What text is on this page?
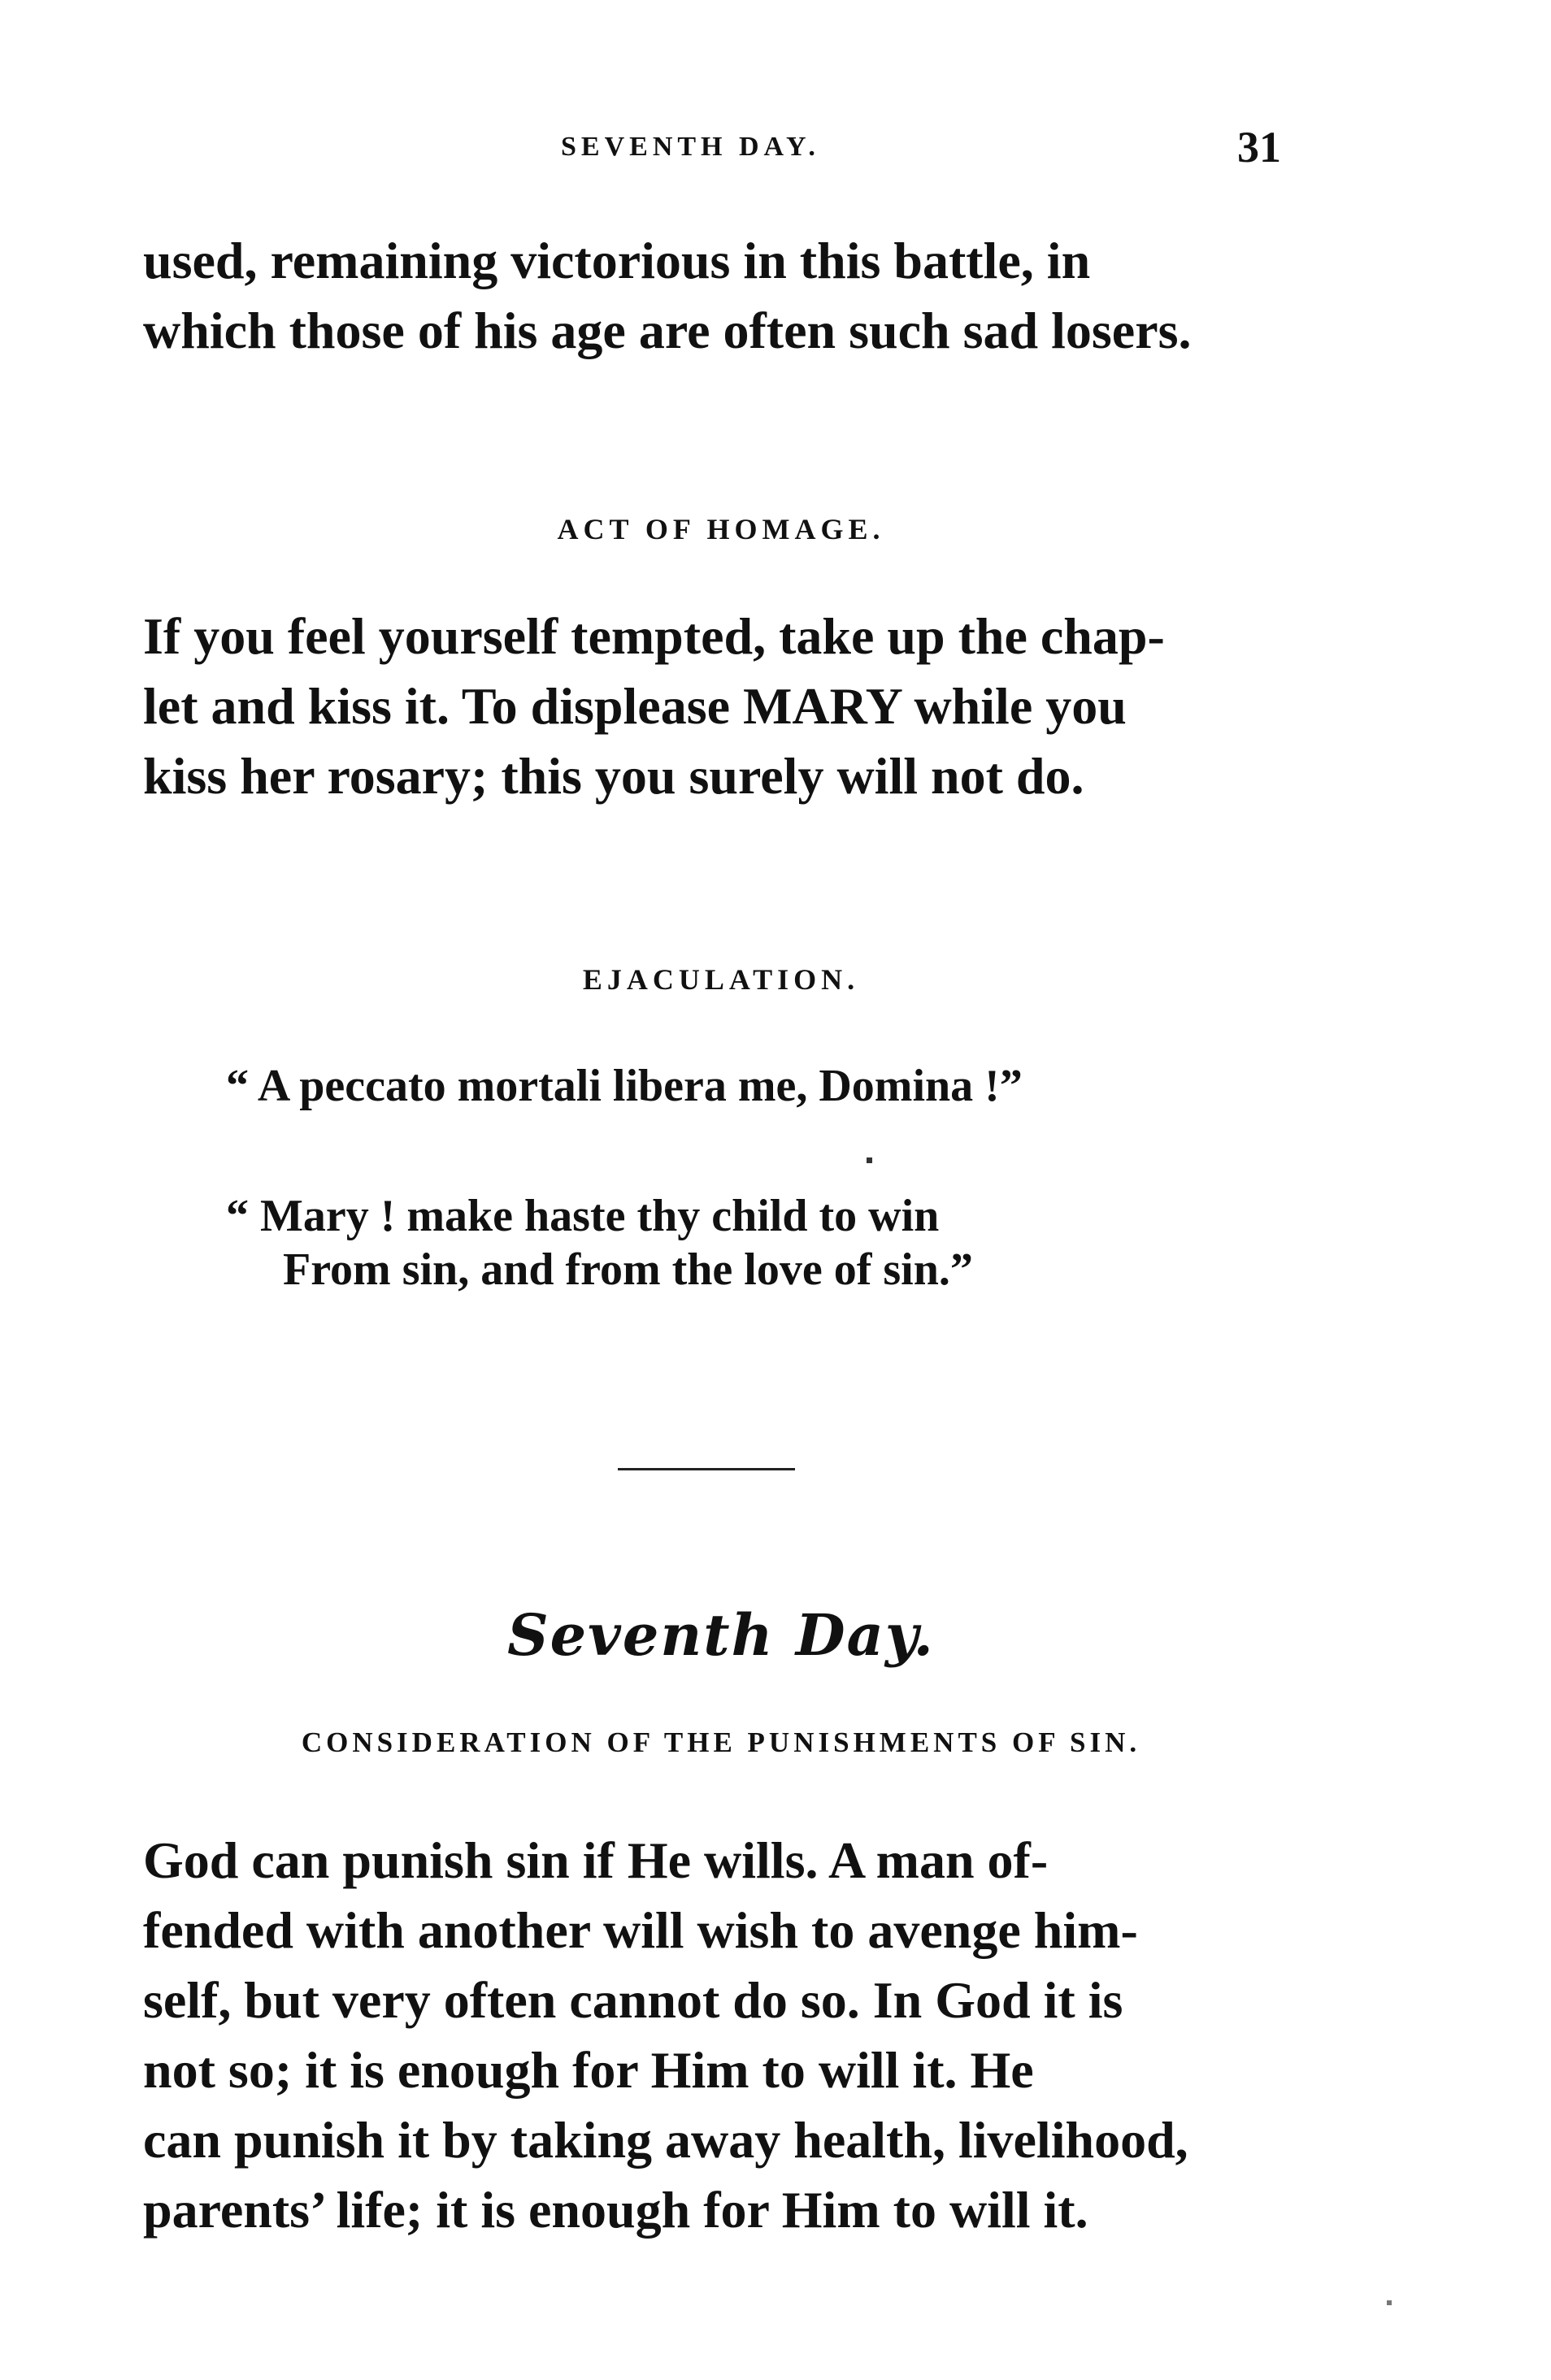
SEVENTH DAY.	31
used, remaining victorious in this battle, in
which those of his age are often such sad losers.
ACT OF HOMAGE.
If you feel yourself tempted, take up the chap-
let and kiss it. To displease MARY while you
kiss her rosary; this you surely will not do.
EJACULATION.
“ A peccato mortali libera me, Domina !”
“ Mary ! make haste thy child to win
From sin, and from the love of sin.”
Seventh Day.
CONSIDERATION OF THE PUNISHMENTS OF SIN.
God can punish sin if He wills. A man of-
fended with another will wish to avenge him-
self, but very often cannot do so. In God it is
not so; it is enough for Him to will it. He
can punish it by taking away health, livelihood,
parents’ life; it is enough for Him to will it.
